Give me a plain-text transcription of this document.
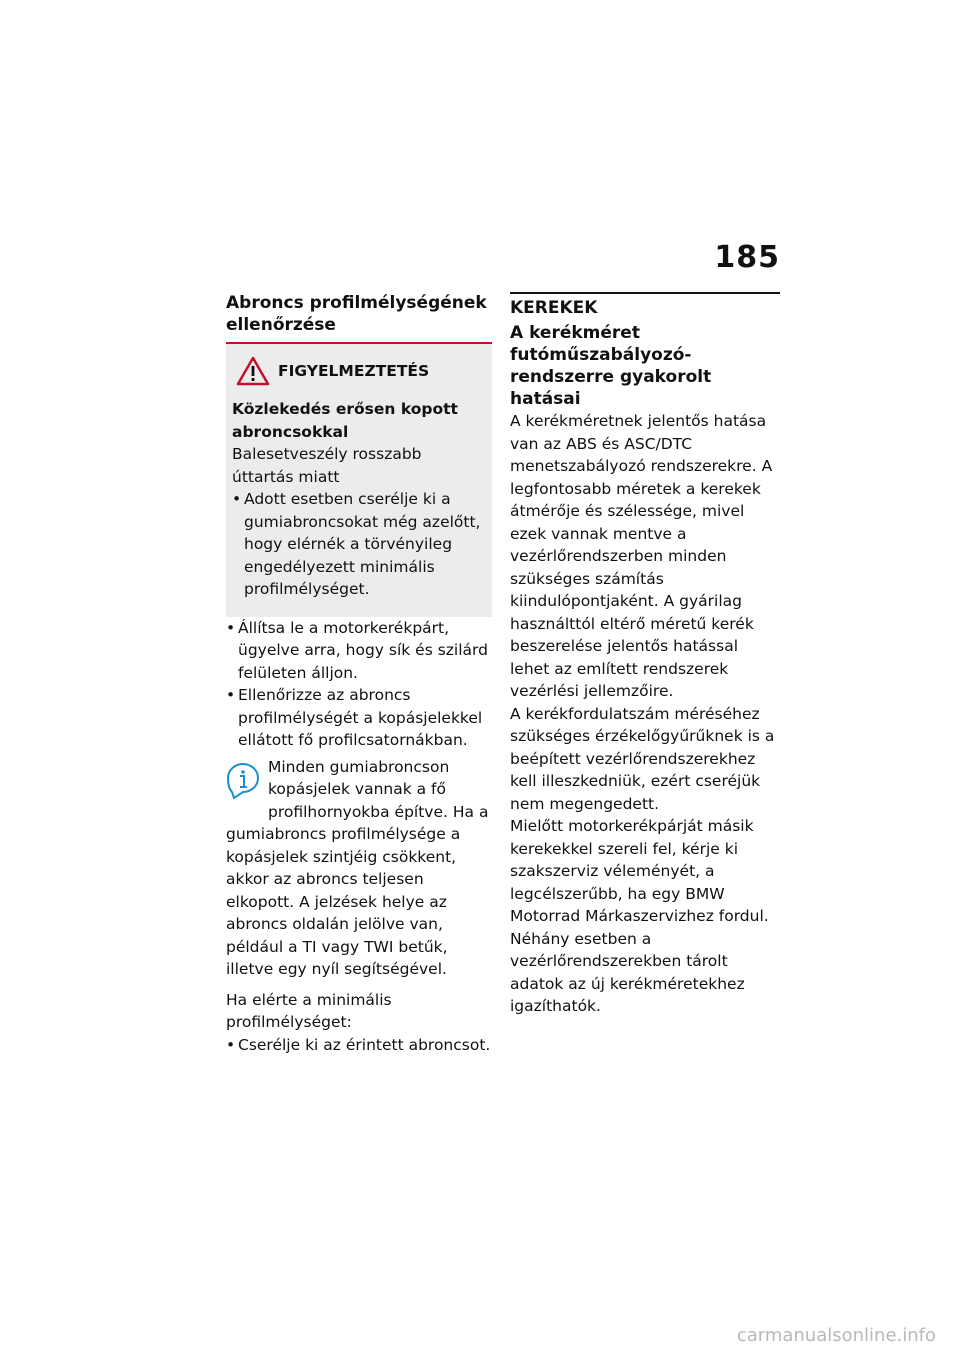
185
Abroncs profilmélységének ellenőrzése
FIGYELMEZTETÉS

Közlekedés erősen kopott abroncsokkal

Balesetveszély rosszabb úttartás miatt

• Adott esetben cserélje ki a gumiabroncsokat még azelőtt, hogy elérnék a törvényileg engedélyezett minimális profilmélységet.
• Állítsa le a motorkerékpárt, ügyelve arra, hogy sík és szilárd felületen álljon.
• Ellenőrizze az abroncs profilmélységét a kopásjelekkel ellátott fő profilcsatornákban.

Minden gumiabroncson kopásjelek vannak a fő profilhornyokba építve. Ha a gumiabroncs profilmélysége a kopásjelek szintjéig csökkent, akkor az abroncs teljesen elkopott. A jelzések helye az abroncs oldalán jelölve van, például a TI vagy TWI betűk, illetve egy nyíl segítségével.

Ha elérte a minimális profilmélységet:

• Cserélje ki az érintett abroncsot.
KEREKEK
A kerékméret futóműszabályozó-rendszerre gyakorolt hatásai

A kerékméretnek jelentős hatása van az ABS és ASC/DTC menetszabályozó rendszerekre. A legfontosabb méretek a kerekek átmérője és szélessége, mivel ezek vannak mentve a vezérlőrendszerben minden szükséges számítás kiindulópontjaként. A gyárilag használttól eltérő méretű kerék beszerelése jelentős hatással lehet az említett rendszerek vezérlési jellemzőire.

A kerékfordulatszám méréséhez szükséges érzékelőgyűrűknek is a beépített vezérlőrendszerekhez kell illeszkedniük, ezért cseréjük nem megengedett.

Mielőtt motorkerékpárját másik kerekekkel szereli fel, kérje ki szakszerviz véleményét, a legcélszerűbb, ha egy BMW Motorrad Márkaszervizhez fordul. Néhány esetben a vezérlőrendszerekben tárolt adatok az új kerékméretekhez igazíthatók.

carmanualsonline.info
